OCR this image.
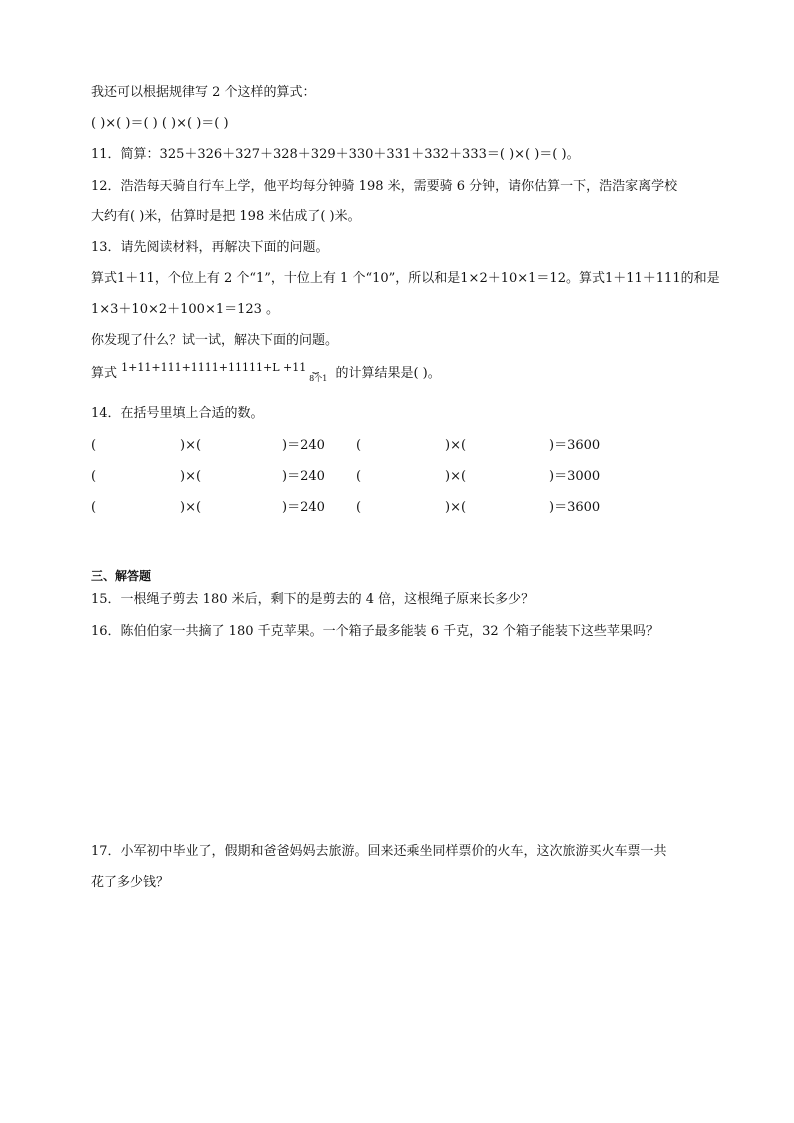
我还可以根据规律写 2 个这样的算式：
( )×( )＝( ) ( )×( )＝( )
11．简算：325＋326＋327＋328＋329＋330＋331＋332＋333＝( )×( )＝( )。
12．浩浩每天骑自行车上学，他平均每分钟骑 198 米，需要骑 6 分钟，请你估算一下，浩浩家离学校
大约有( )米，估算时是把 198 米估成了( )米。
13．请先阅读材料，再解决下面的问题。
算式1＋11，个位上有 2 个“1”，十位上有 1 个“10”，所以和是1×2＋10×1＝12。算式1＋11＋111的和是
1×3＋10×2＋100×1＝123 。
你发现了什么？试一试，解决下面的问题。
算式 $^{1+11+111+1111+11111+L +11}$ ⏟ $_{8个1}$ 的计算结果是( )。
14．在括号里填上合适的数。
(	)×(	)＝240 (	)×(	)＝3600
(	)×(	)＝240 (	)×(	)＝3000
(	)×(	)＝240 (	)×(	)＝3600
三、解答题
15．一根绳子剪去 180 米后，剩下的是剪去的 4 倍，这根绳子原来长多少？
16．陈伯伯家一共摘了 180 千克苹果。一个箱子最多能装 6 千克，32 个箱子能装下这些苹果吗？
17．小军初中毕业了，假期和爸爸妈妈去旅游。回来还乘坐同样票价的火车，这次旅游买火车票一共
花了多少钱？
